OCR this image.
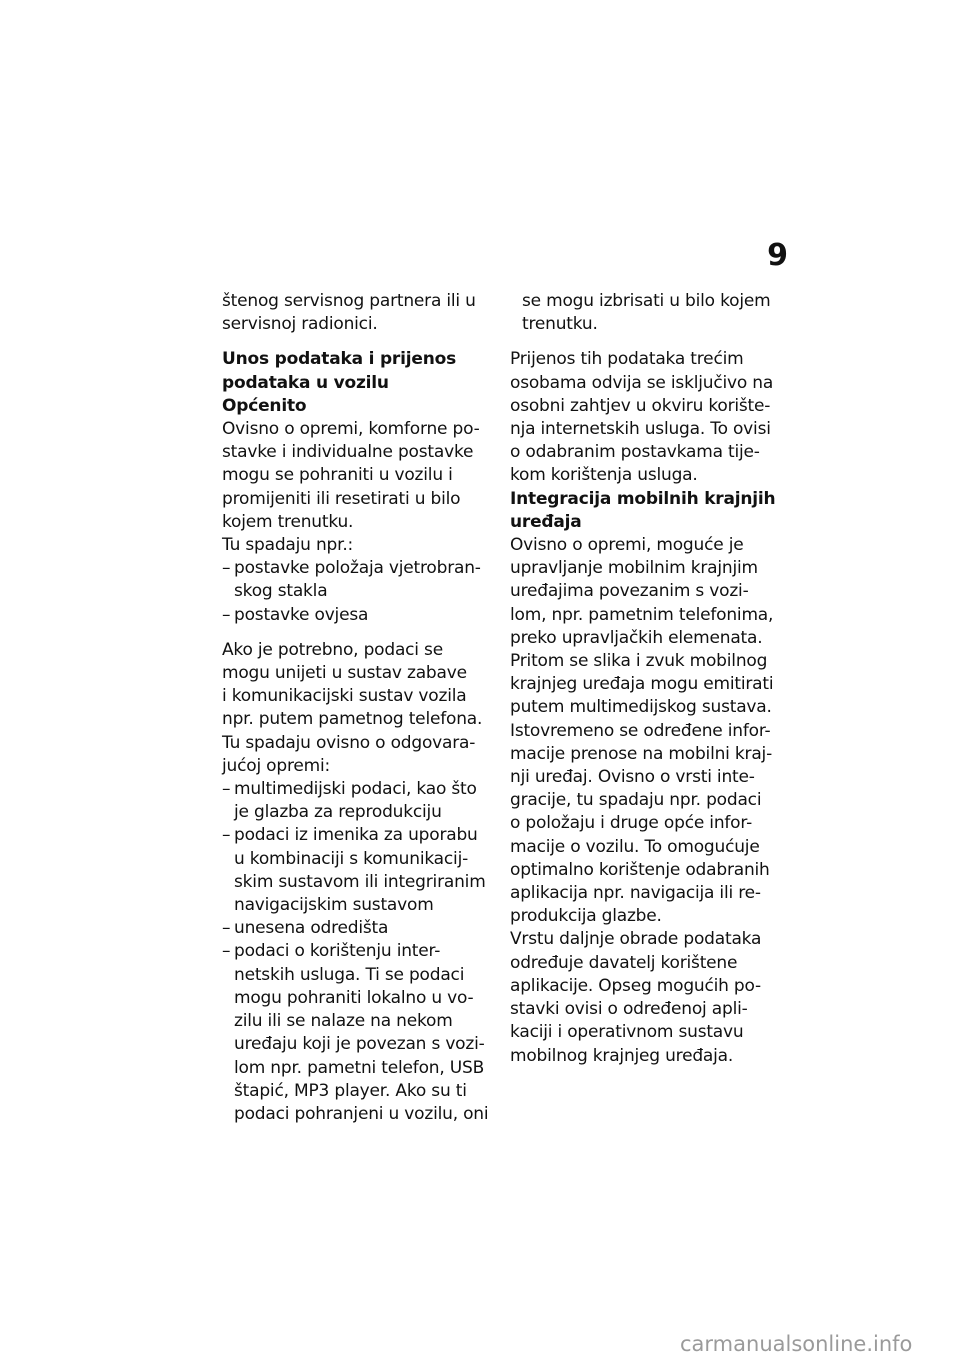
9

štenog servisnog partnera ili u
servisnoj radionici.

Unos podataka i prijenos
podataka u vozilu
Općenito

Ovisno o opremi, komforne po-
stavke i individualne postavke
mogu se pohraniti u vozilu i
promijeniti ili resetirati u bilo
kojem trenutku.
Tu spadaju npr.:

– postavke položaja vjetrobran-
skog stakla
– postavke ovjesa

Ako je potrebno, podaci se
mogu unijeti u sustav zabave
i komunikacijski sustav vozila
npr. putem pametnog telefona.
Tu spadaju ovisno o odgovara-
jućoj opremi:

– multimedijski podaci, kao što
je glazba za reprodukciju
– podaci iz imenika za uporabu
u kombinaciji s komunikacij-
skim sustavom ili integriranim
navigacijskim sustavom
– unesena odredišta
– podaci o korištenju inter-
netskih usluga. Ti se podaci
mogu pohraniti lokalno u vo-
zilu ili se nalaze na nekom
uređaju koji je povezan s vozi-
lom npr. pametni telefon, USB
štapić, MP3 player. Ako su ti
podaci pohranjeni u vozilu, oni

se mogu izbrisati u bilo kojem
trenutku.

Prijenos tih podataka trećim
osobama odvija se isključivo na
osobni zahtjev u okviru korište-
nja internetskih usluga. To ovisi
o odabranim postavkama tije-
kom korištenja usluga.

Integracija mobilnih krajnjih
uređaja

Ovisno o opremi, moguće je
upravljanje mobilnim krajnjim
uređajima povezanim s vozi-
lom, npr. pametnim telefonima,
preko upravljačkih elemenata.
Pritom se slika i zvuk mobilnog
krajnjeg uređaja mogu emitirati
putem multimedijskog sustava.
Istovremeno se određene infor-
macije prenose na mobilni kraj-
nji uređaj. Ovisno o vrsti inte-
gracije, tu spadaju npr. podaci
o položaju i druge opće infor-
macije o vozilu. To omogućuje
optimalno korištenje odabranih
aplikacija npr. navigacija ili re-
produkcija glazbe.
Vrstu daljnje obrade podataka
određuje davatelj korištene
aplikacije. Opseg mogućih po-
stavki ovisi o određenoj apli-
kaciji i operativnom sustavu
mobilnog krajnjeg uređaja.

carmanualsonline.info
